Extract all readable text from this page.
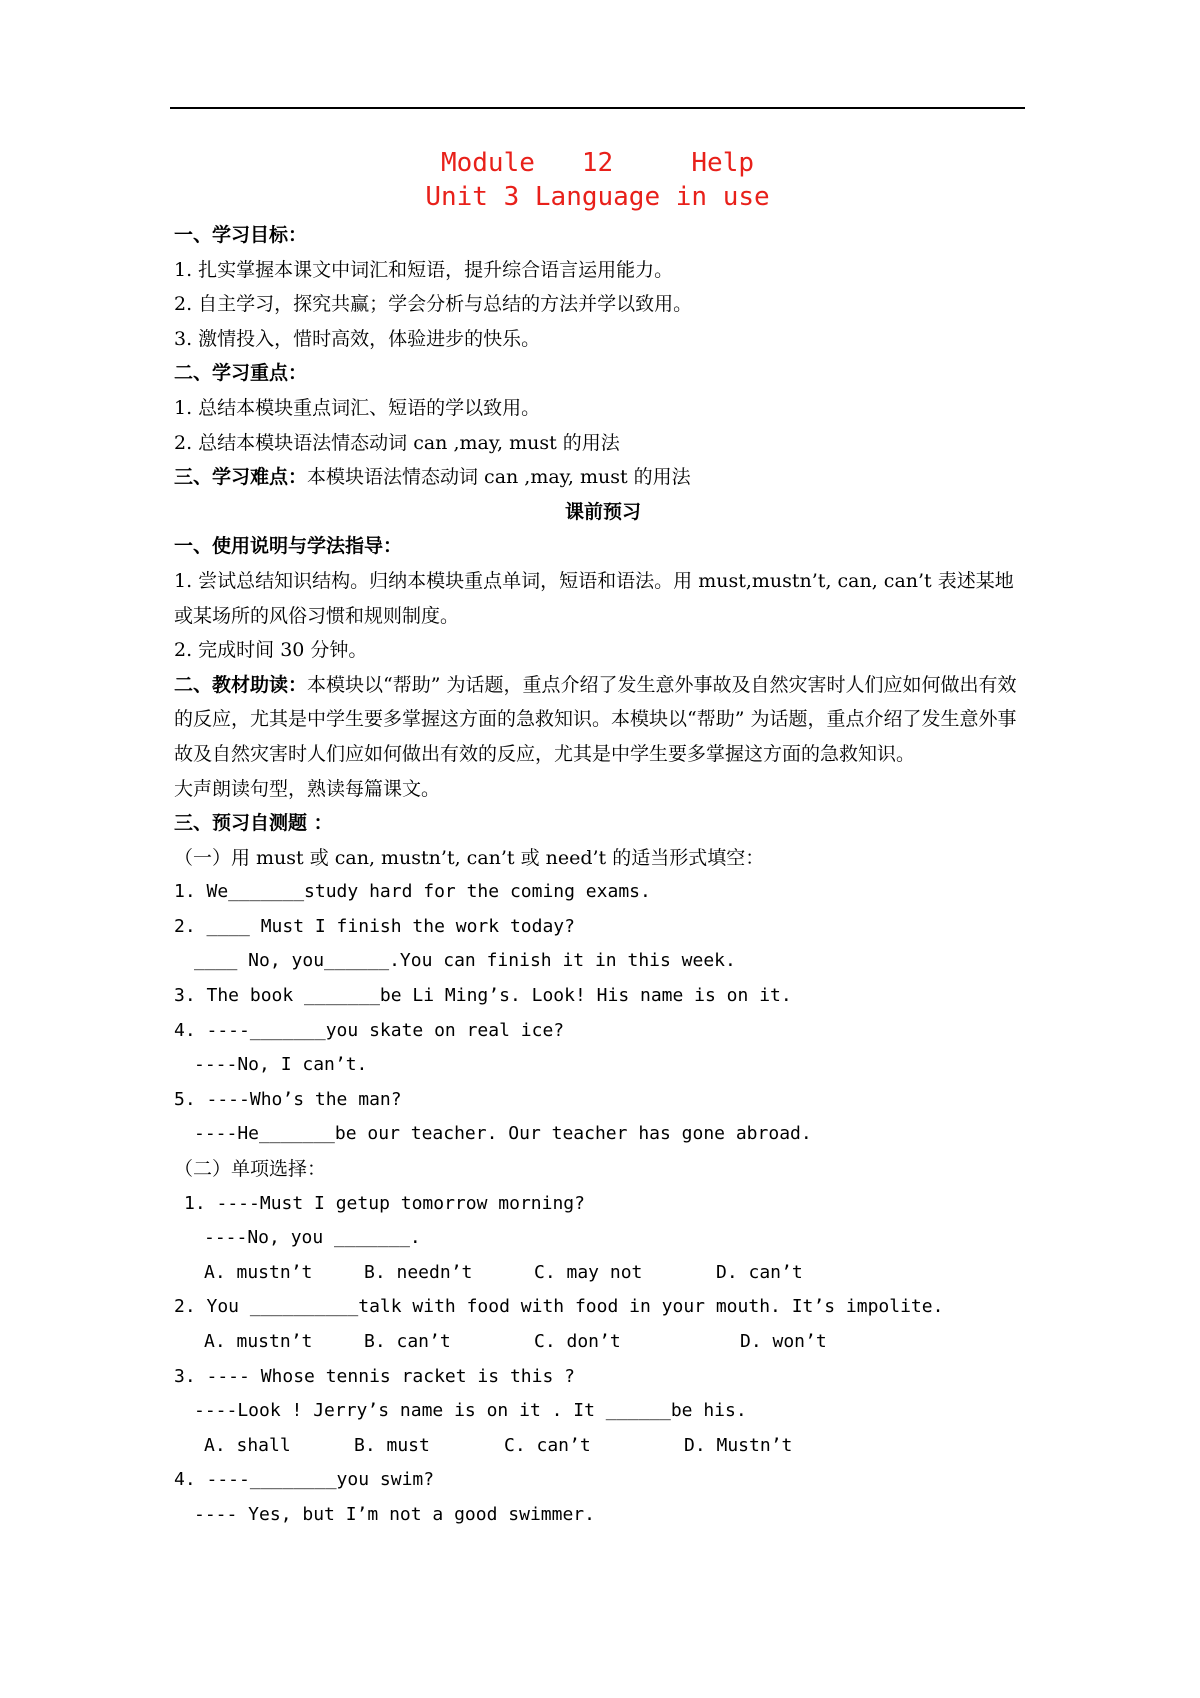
Module   12     Help
Unit 3 Language in use
一、学习目标：
1. 扎实掌握本课文中词汇和短语，提升综合语言运用能力。
2. 自主学习，探究共赢；学会分析与总结的方法并学以致用。
3. 激情投入，惜时高效，体验进步的快乐。
二、学习重点：
1. 总结本模块重点词汇、短语的学以致用。
2. 总结本模块语法情态动词 can ,may, must 的用法
三、学习难点：本模块语法情态动词 can ,may, must 的用法
课前预习
一、使用说明与学法指导：
1. 尝试总结知识结构。归纳本模块重点单词，短语和语法。用 must,mustn’t, can, can’t 表述某地或某场所的风俗习惯和规则制度。
2. 完成时间 30 分钟。
二、教材助读：本模块以“帮助” 为话题，重点介绍了发生意外事故及自然灾害时人们应如何做出有效的反应，尤其是中学生要多掌握这方面的急救知识。本模块以“帮助” 为话题，重点介绍了发生意外事故及自然灾害时人们应如何做出有效的反应，尤其是中学生要多掌握这方面的急救知识。
大声朗读句型，熟读每篇课文。
三、预习自测题 ：
（一）用 must 或 can, mustn’t, can’t 或 need’t 的适当形式填空：
1. We_______study hard for the coming exams.
2. ____ Must I finish the work today?
____ No, you______.You can finish it in this week.
3. The book _______be Li Ming’s. Look! His name is on it.
4. ----_______you skate on real ice?
----No, I can’t.
5. ----Who’s the man?
----He_______be our teacher. Our teacher has gone abroad.
（二）单项选择：
1. ----Must I getup tomorrow morning?
----No, you _______.
A. mustn’t	B. needn’t	C. may not	D. can’t
2. You __________talk with food with food in your mouth. It’s impolite.
A. mustn’t	B. can’t	C. don’t	D. won’t
3. ---- Whose tennis racket is this ?
----Look ! Jerry’s name is on it . It ______be his.
A. shall	B. must	C. can’t	D. Mustn’t
4. ----________you swim?
---- Yes, but I’m not a good swimmer.
